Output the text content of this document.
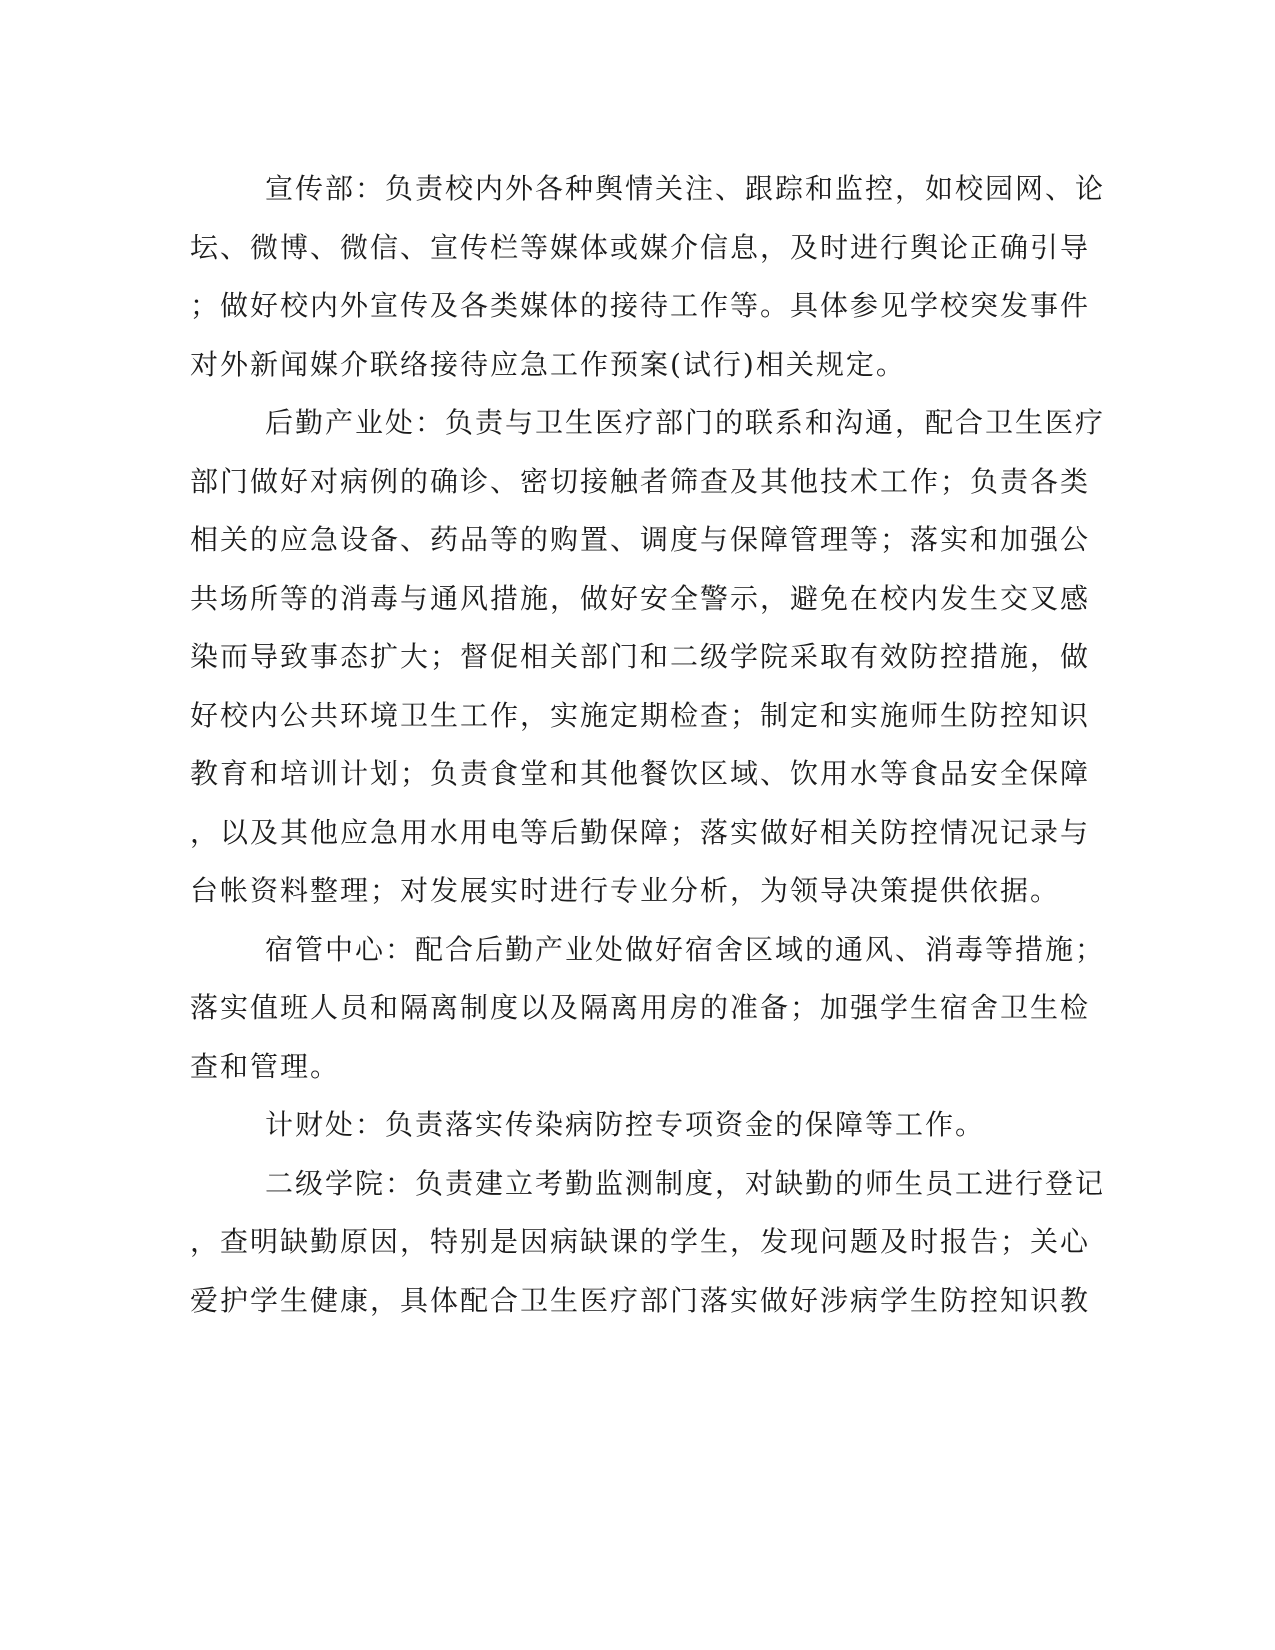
宣传部：负责校内外各种舆情关注、跟踪和监控，如校园网、论
坛、微博、微信、宣传栏等媒体或媒介信息，及时进行舆论正确引导
；做好校内外宣传及各类媒体的接待工作等。具体参见学校突发事件
对外新闻媒介联络接待应急工作预案(试行)相关规定。
后勤产业处：负责与卫生医疗部门的联系和沟通，配合卫生医疗
部门做好对病例的确诊、密切接触者筛查及其他技术工作；负责各类
相关的应急设备、药品等的购置、调度与保障管理等；落实和加强公
共场所等的消毒与通风措施，做好安全警示，避免在校内发生交叉感
染而导致事态扩大；督促相关部门和二级学院采取有效防控措施，做
好校内公共环境卫生工作，实施定期检查；制定和实施师生防控知识
教育和培训计划；负责食堂和其他餐饮区域、饮用水等食品安全保障
，以及其他应急用水用电等后勤保障；落实做好相关防控情况记录与
台帐资料整理；对发展实时进行专业分析，为领导决策提供依据。
宿管中心：配合后勤产业处做好宿舍区域的通风、消毒等措施；
落实值班人员和隔离制度以及隔离用房的准备；加强学生宿舍卫生检
查和管理。
计财处：负责落实传染病防控专项资金的保障等工作。
二级学院：负责建立考勤监测制度，对缺勤的师生员工进行登记
，查明缺勤原因，特别是因病缺课的学生，发现问题及时报告；关心
爱护学生健康，具体配合卫生医疗部门落实做好涉病学生防控知识教
